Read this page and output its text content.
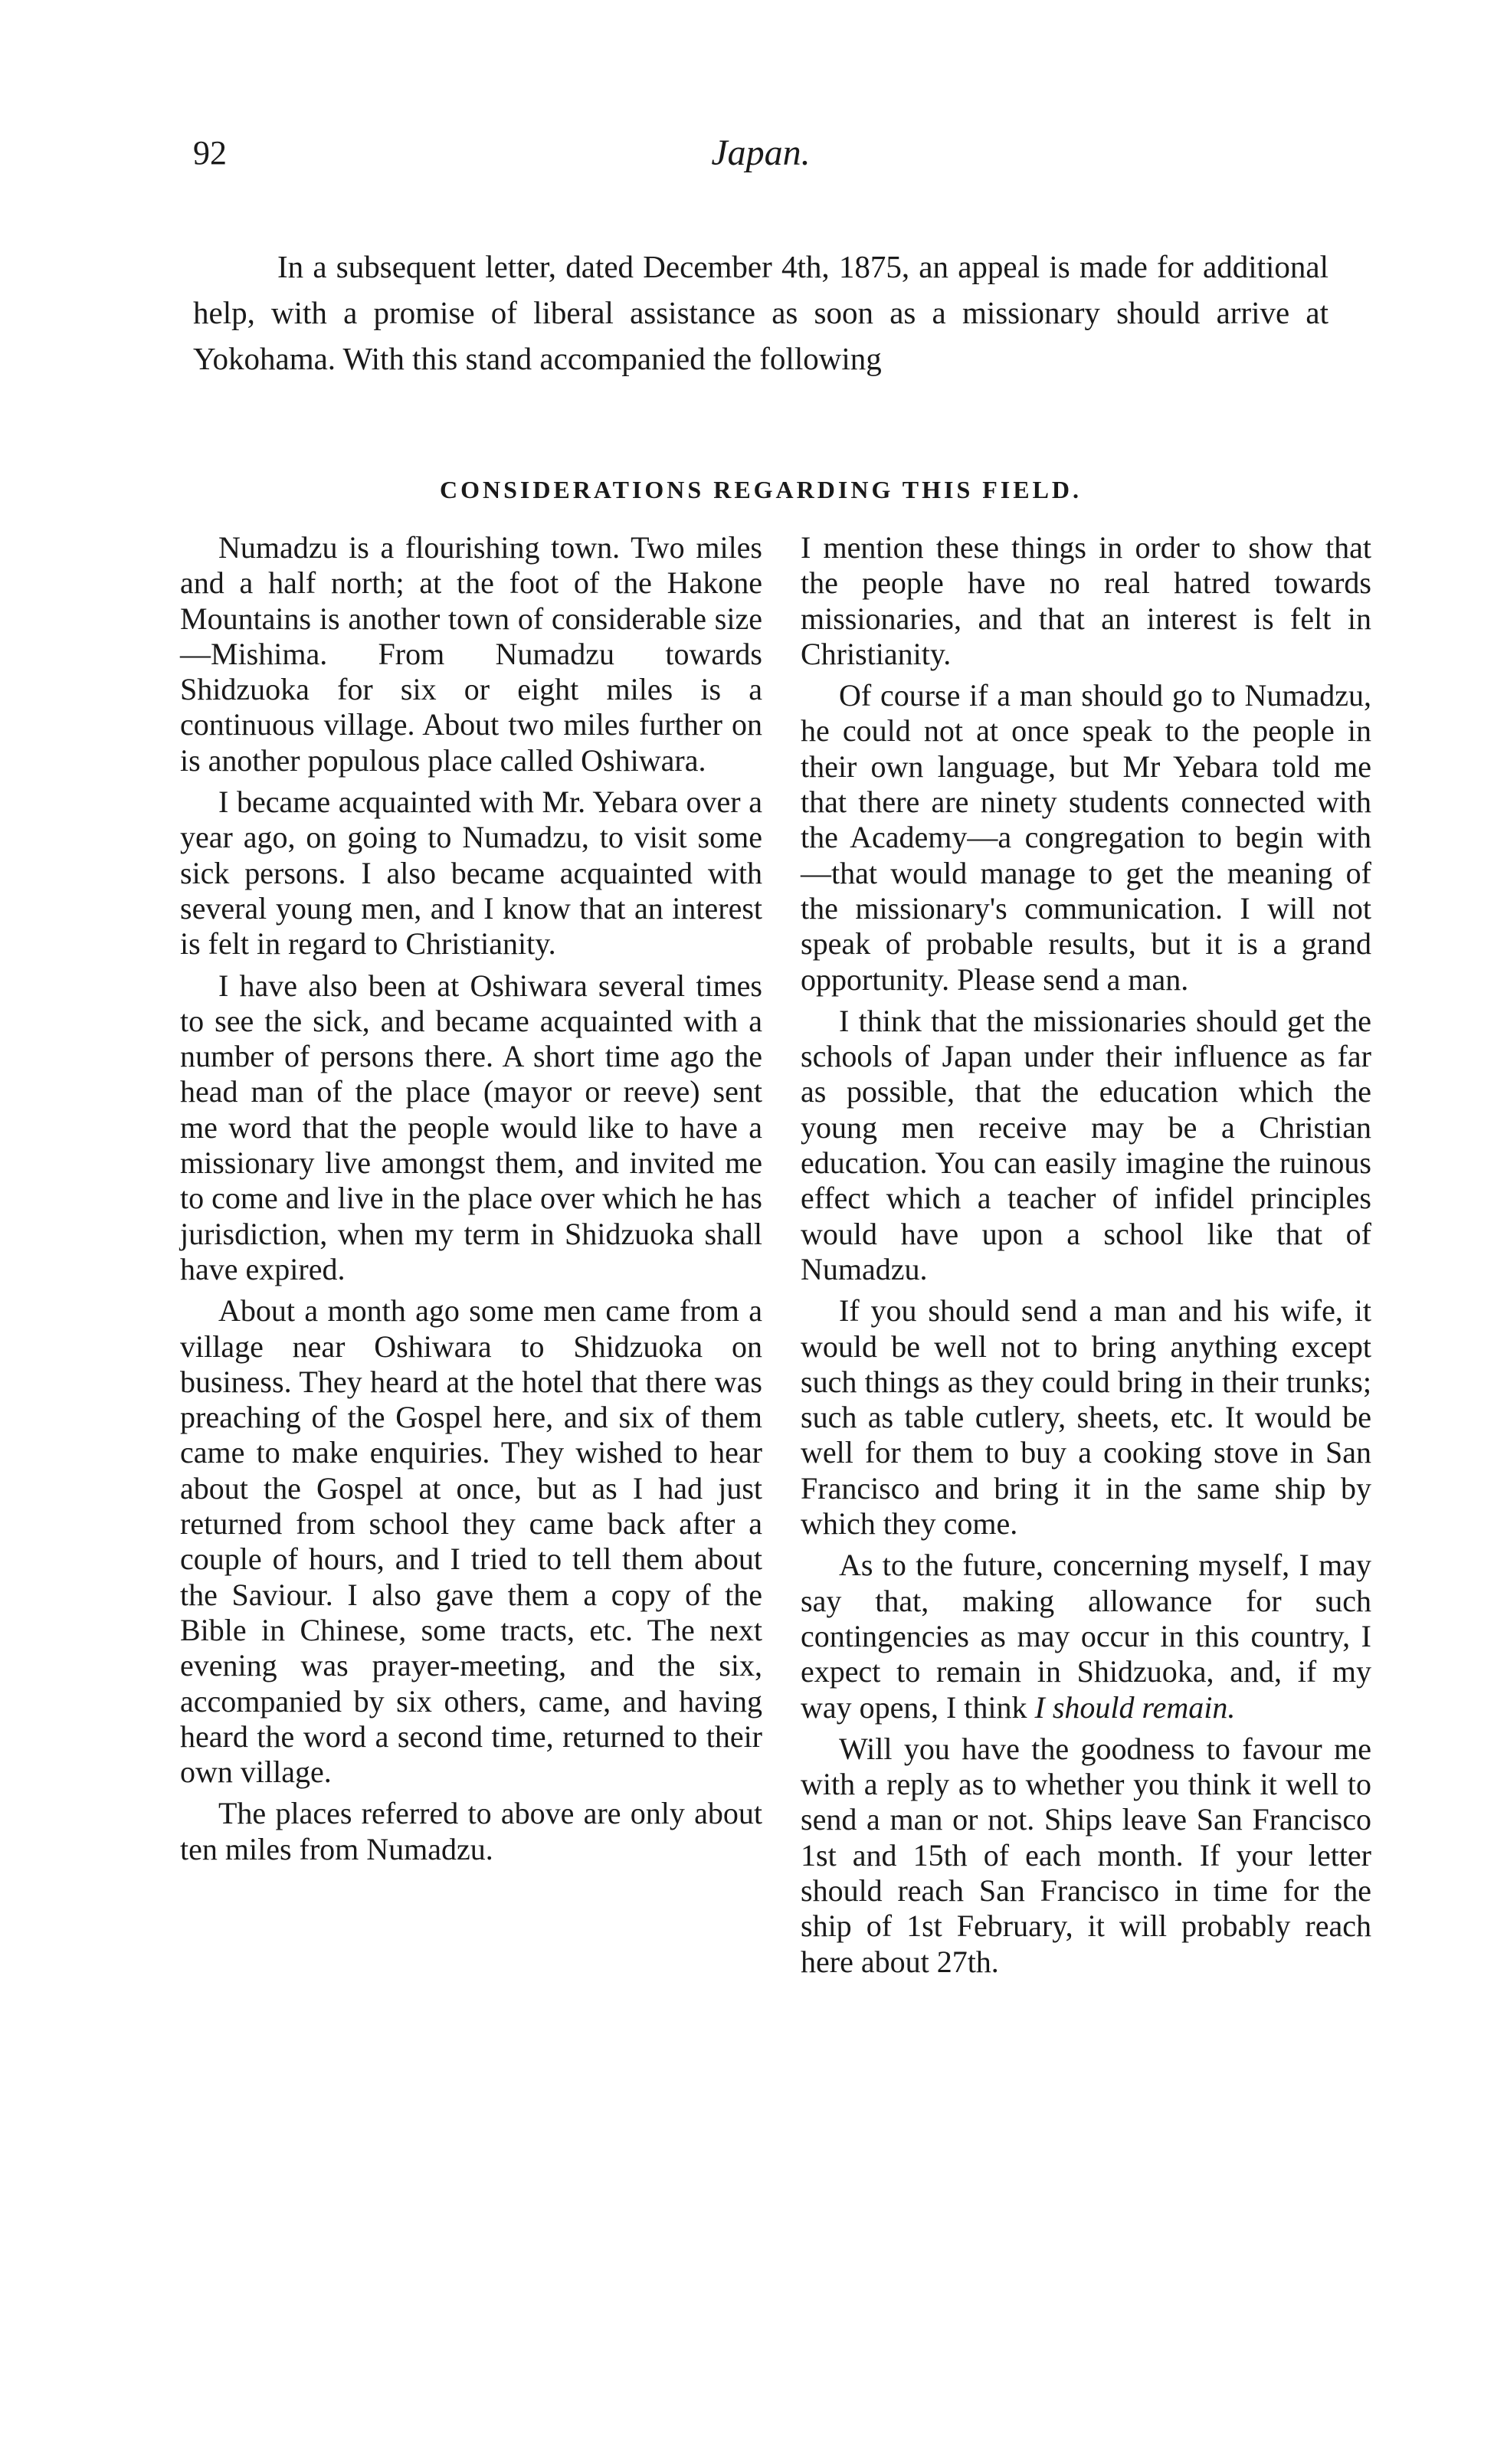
92	Japan.

In a subsequent letter, dated December 4th, 1875, an appeal is made for additional help, with a promise of liberal assistance as soon as a missionary should arrive at Yokohama. With this stand accompanied the following

CONSIDERATIONS REGARDING THIS FIELD.

Numadzu is a flourishing town. Two miles and a half north; at the foot of the Hakone Mountains is another town of considerable size—Mishima. From Numadzu towards Shidzuoka for six or eight miles is a continuous village. About two miles further on is another populous place called Oshiwara.

I became acquainted with Mr. Yebara over a year ago, on going to Numadzu, to visit some sick persons. I also became acquainted with several young men, and I know that an interest is felt in regard to Christianity.

I have also been at Oshiwara several times to see the sick, and became acquainted with a number of persons there. A short time ago the head man of the place (mayor or reeve) sent me word that the people would like to have a missionary live amongst them, and invited me to come and live in the place over which he has jurisdiction, when my term in Shidzuoka shall have expired.

About a month ago some men came from a village near Oshiwara to Shidzuoka on business. They heard at the hotel that there was preaching of the Gospel here, and six of them came to make enquiries. They wished to hear about the Gospel at once, but as I had just returned from school they came back after a couple of hours, and I tried to tell them about the Saviour. I also gave them a copy of the Bible in Chinese, some tracts, etc. The next evening was prayer-meeting, and the six, accompanied by six others, came, and having heard the word a second time, returned to their own village.

The places referred to above are only about ten miles from Numadzu.

I mention these things in order to show that the people have no real hatred towards missionaries, and that an interest is felt in Christianity.

Of course if a man should go to Numadzu, he could not at once speak to the people in their own language, but Mr Yebara told me that there are ninety students connected with the Academy—a congregation to begin with—that would manage to get the meaning of the missionary's communication. I will not speak of probable results, but it is a grand opportunity. Please send a man.

I think that the missionaries should get the schools of Japan under their influence as far as possible, that the education which the young men receive may be a Christian education. You can easily imagine the ruinous effect which a teacher of infidel principles would have upon a school like that of Numadzu.

If you should send a man and his wife, it would be well not to bring anything except such things as they could bring in their trunks; such as table cutlery, sheets, etc. It would be well for them to buy a cooking stove in San Francisco and bring it in the same ship by which they come.

As to the future, concerning myself, I may say that, making allowance for such contingencies as may occur in this country, I expect to remain in Shidzuoka, and, if my way opens, I think I should remain.

Will you have the goodness to favour me with a reply as to whether you think it well to send a man or not. Ships leave San Francisco 1st and 15th of each month. If your letter should reach San Francisco in time for the ship of 1st February, it will probably reach here about 27th.
